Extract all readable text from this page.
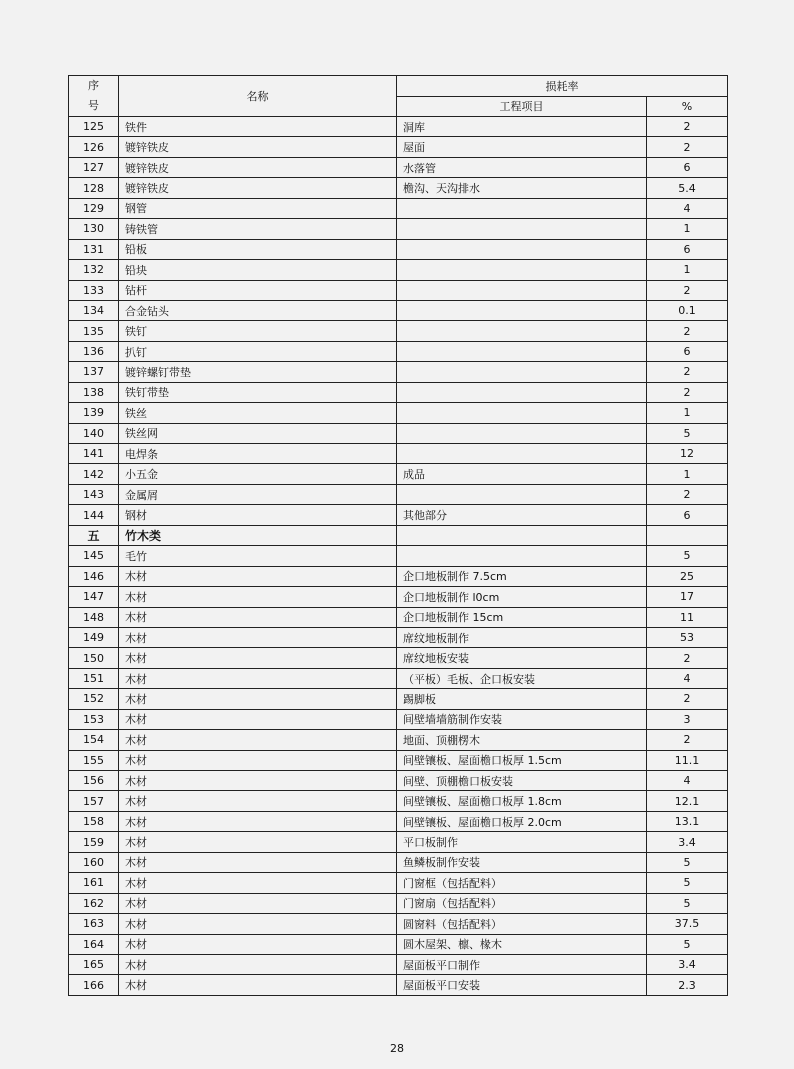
序
号	名称	损耗率	
		工程项目	%
125	铁件	洞库	2
126	镀锌铁皮	屋面	2
127	镀锌铁皮	水落管	6
128	镀锌铁皮	檐沟、天沟排水	5.4
129	钢管		4
130	铸铁管		1
131	铅板		6
132	铅块		1
133	钻杆		2
134	合金钻头		0.1
135	铁钉		2
136	扒钉		6
137	镀锌螺钉带垫		2
138	铁钉带垫		2
139	铁丝		1
140	铁丝网		5
141	电焊条		12
142	小五金	成品	1
143	金属屑		2
144	钢材	其他部分	6
五	竹木类		
145	毛竹		5
146	木材	企口地板制作 7.5cm	25
147	木材	企口地板制作 l0cm	17
148	木材	企口地板制作 15cm	11
149	木材	席纹地板制作	53
150	木材	席纹地板安装	2
151	木材	（平板）毛板、企口板安装	4
152	木材	踢脚板	2
153	木材	间壁墙墙筋制作安装	3
154	木材	地面、顶棚楞木	2
155	木材	间壁镶板、屋面檐口板厚 1.5cm	11.1
156	木材	间壁、顶棚檐口板安装	4
157	木材	间壁镶板、屋面檐口板厚 1.8cm	12.1
158	木材	间壁镶板、屋面檐口板厚 2.0cm	13.1
159	木材	平口板制作	3.4
160	木材	鱼鳞板制作安装	5
161	木材	门窗框（包括配料）	5
162	木材	门窗扇（包括配料）	5
163	木材	圆窗料（包括配料）	37.5
164	木材	圆木屋架、檩、椽木	5
165	木材	屋面板平口制作	3.4
166	木材	屋面板平口安装	2.3
28
